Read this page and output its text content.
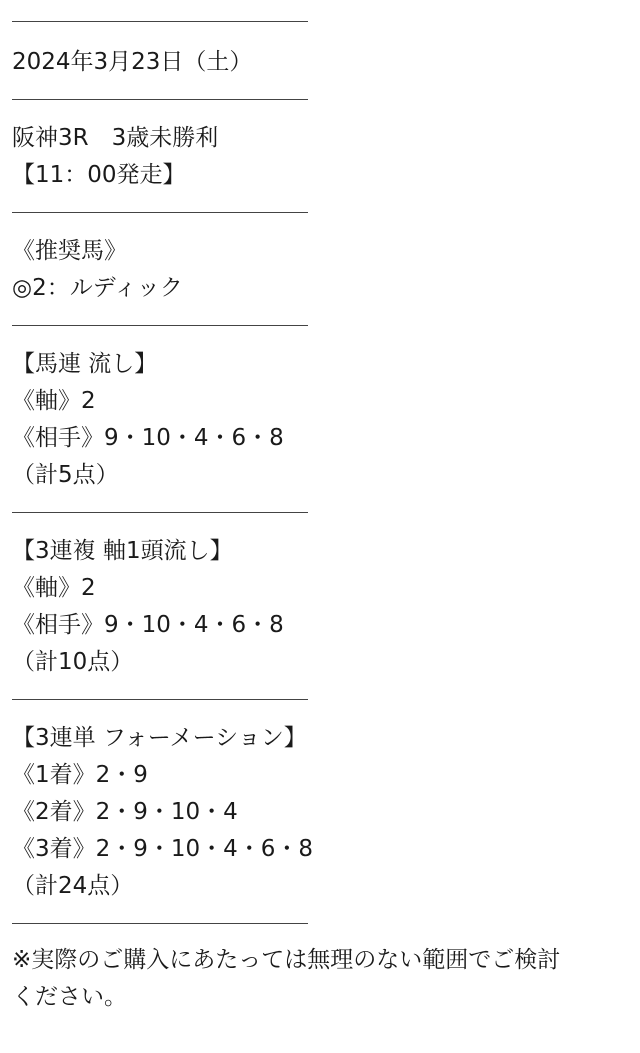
2024年3月23日（土）
阪神3R　3歳未勝利
【11：00発走】
《推奨馬》
◎2：ルディック
【馬連 流し】
《軸》2
《相手》9・10・4・6・8
（計5点）
【3連複 軸1頭流し】
《軸》2
《相手》9・10・4・6・8
（計10点）
【3連単 フォーメーション】
《1着》2・9
《2着》2・9・10・4
《3着》2・9・10・4・6・8
（計24点）
※実際のご購入にあたっては無理のない範囲でご検討
ください。
